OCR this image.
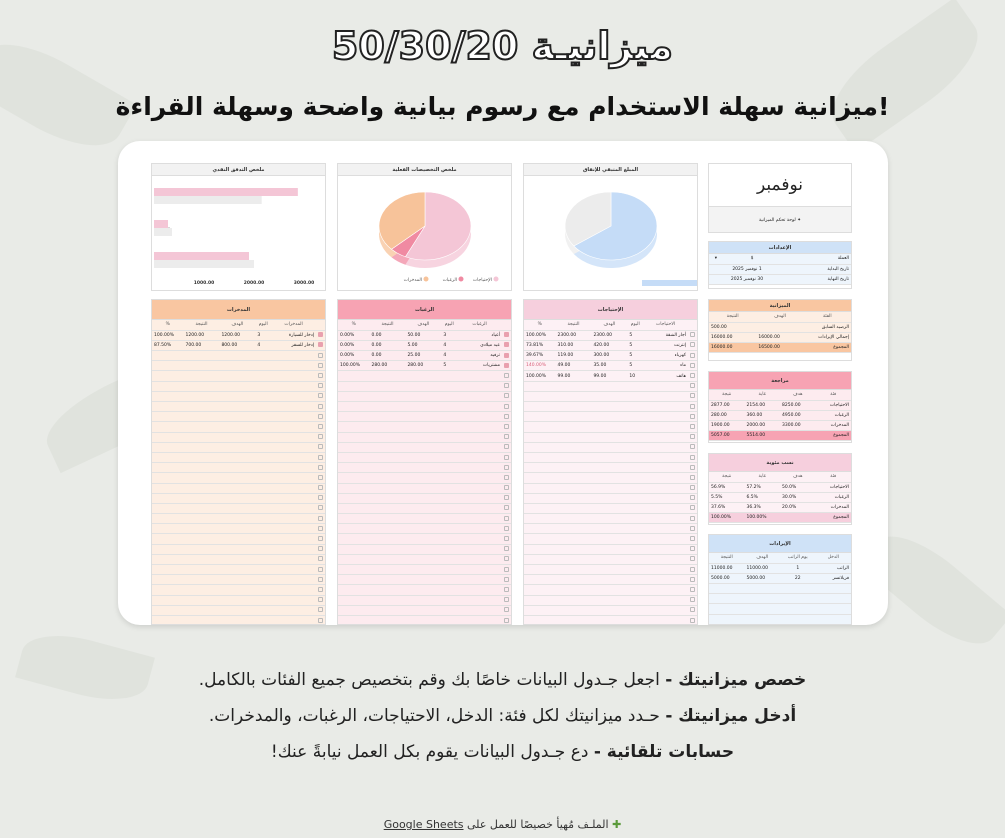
ميزانيـة 50/30/20
ميزانية سهلة الاستخدام مع رسوم بيانية واضحة وسهلة القراءة!
نوفمبر
✦ لوحة تحكم الميزانية
الإعدادات
العملة	$	▾
تاريخ البداية	1 نوفمبر 2025	
تاريخ النهاية	30 نوفمبر 2025	
الميزانية
الفئة	الهدف	النتيجة
الرصيد السابق		500.00
إجمالي الإيرادات	16000.00	16000.00
المجموع	16500.00	16000.00
مراجعة
فئة	هدف	غاية	نتيجة
الاحتياجات	8250.00	2154.00	2877.00
الرغبات	4950.00	360.00	280.00
المدخرات	3300.00	2000.00	1900.00
المجموع		5514.00	5057.00
نسب مئوية
فئة	هدف	غاية	نتيجة
الاحتياجات	50.0%	57.2%	56.9%
الرغبات	30.0%	6.5%	5.5%
المدخرات	20.0%	36.3%	37.6%
المجموع		100.00%	100.00%
الإيرادات
الدخل	يوم الراتب	الهدف	النتيجة
الراتب	1	11000.00	11000.00
فريلانسر	22	5000.00	5000.00

المبلغ المتبقي للإنفاق
ملخص التخصيصات الفعلية
الإحتياجات
الرغبات
المدخرات
ملخص التدفق النقدي
1000.00	2000.00	3000.00
الإحتياجات
	الاحتياجات	اليوم	الهدف	النتيجة	%
	أجار الشقة	5	2300.00	2300.00	100.00%
	إنترنت	5	420.00	310.00	73.81%
	كهرباء	5	300.00	119.00	39.67%
	ماء	5	35.00	49.00	140.00%
	هاتف	10	99.00	99.00	100.00%

الرغبات
	الرغبات	اليوم	الهدف	النتيجة	%
	أعياد	3	50.00	0.00	0.00%
	عيد ميلادي	4	5.00	0.00	0.00%
	ترفيه	4	25.00	0.00	0.00%
	مشتريات	5	280.00	280.00	100.00%

المدخرات
	المدخرات	اليوم	الهدف	النتيجة	%
	إدخار للسيارة	3	1200.00	1200.00	100.00%
	إدخار للسفر	4	800.00	700.00	87.50%

خصص ميزانيتك - اجعل جـدول البيانات خاصًا بك وقم بتخصيص جميع الفئات بالكامل.
أدخل ميزانيتك - حـدد ميزانيتك لكل فئة: الدخل، الاحتياجات، الرغبات، والمدخرات.
حسابات تلقائية - دع جـدول البيانات يقوم بكل العمل نيابةً عنك!
✚ الملـف مُهيأ خصيصًا للعمل على Google Sheets
